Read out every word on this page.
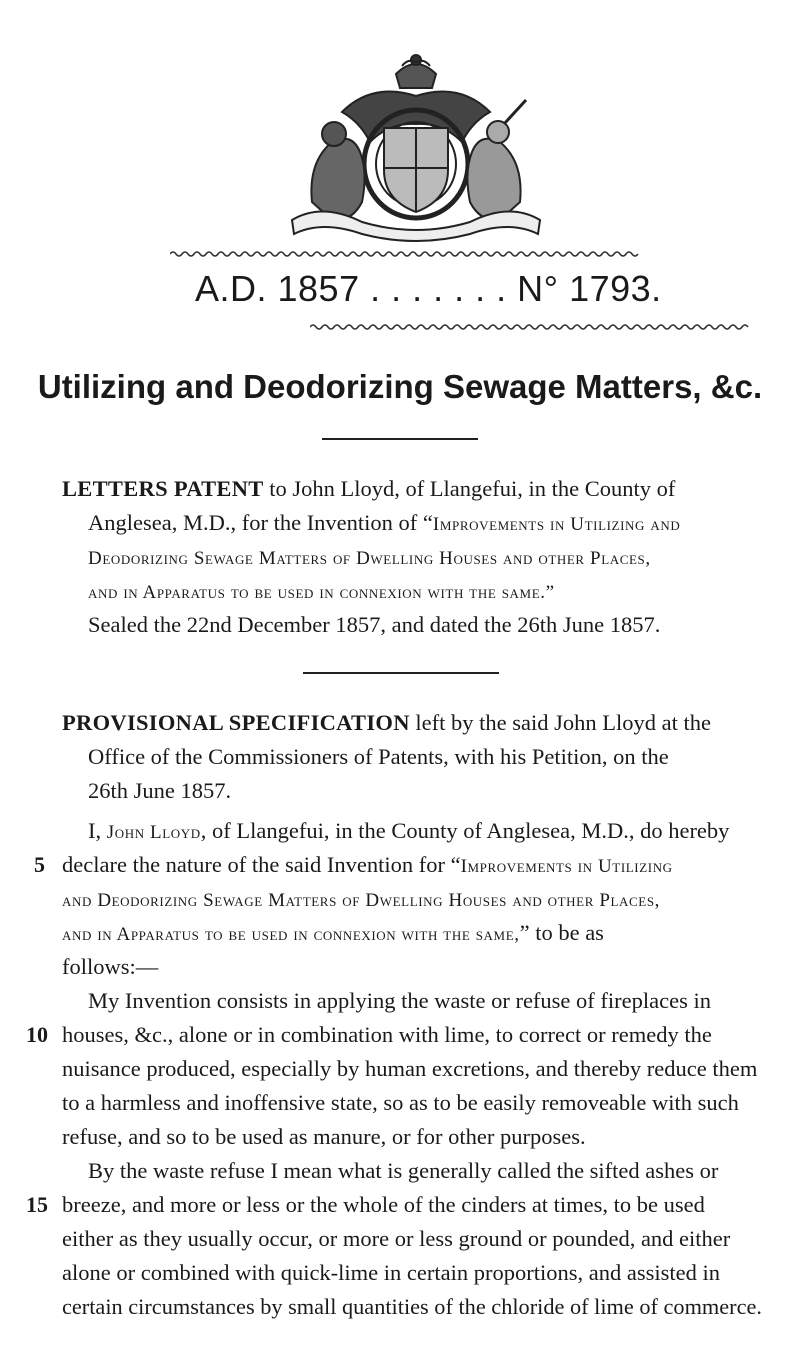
A.D. 1857 . . . . . . . N° 1793.
Utilizing and Deodorizing Sewage Matters, &c.
LETTERS PATENT to John Lloyd, of Llangefui, in the County of
Anglesea, M.D., for the Invention of “Improvements in Utilizing and
Deodorizing Sewage Matters of Dwelling Houses and other Places,
and in Apparatus to be used in connexion with the same.”
Sealed the 22nd December 1857, and dated the 26th June 1857.
PROVISIONAL SPECIFICATION left by the said John Lloyd at the
Office of the Commissioners of Patents, with his Petition, on the
26th June 1857.
I, John Lloyd, of Llangefui, in the County of Anglesea, M.D., do hereby
5 declare the nature of the said Invention for “Improvements in Utilizing
and Deodorizing Sewage Matters of Dwelling Houses and other Places,
and in Apparatus to be used in connexion with the same,” to be as
follows:—
My Invention consists in applying the waste or refuse of fireplaces in
10 houses, &c., alone or in combination with lime, to correct or remedy the
nuisance produced, especially by human excretions, and thereby reduce them
to a harmless and inoffensive state, so as to be easily removeable with such
refuse, and so to be used as manure, or for other purposes.
By the waste refuse I mean what is generally called the sifted ashes or
15 breeze, and more or less or the whole of the cinders at times, to be used
either as they usually occur, or more or less ground or pounded, and either
alone or combined with quick-lime in certain proportions, and assisted in
certain circumstances by small quantities of the chloride of lime of commerce.
